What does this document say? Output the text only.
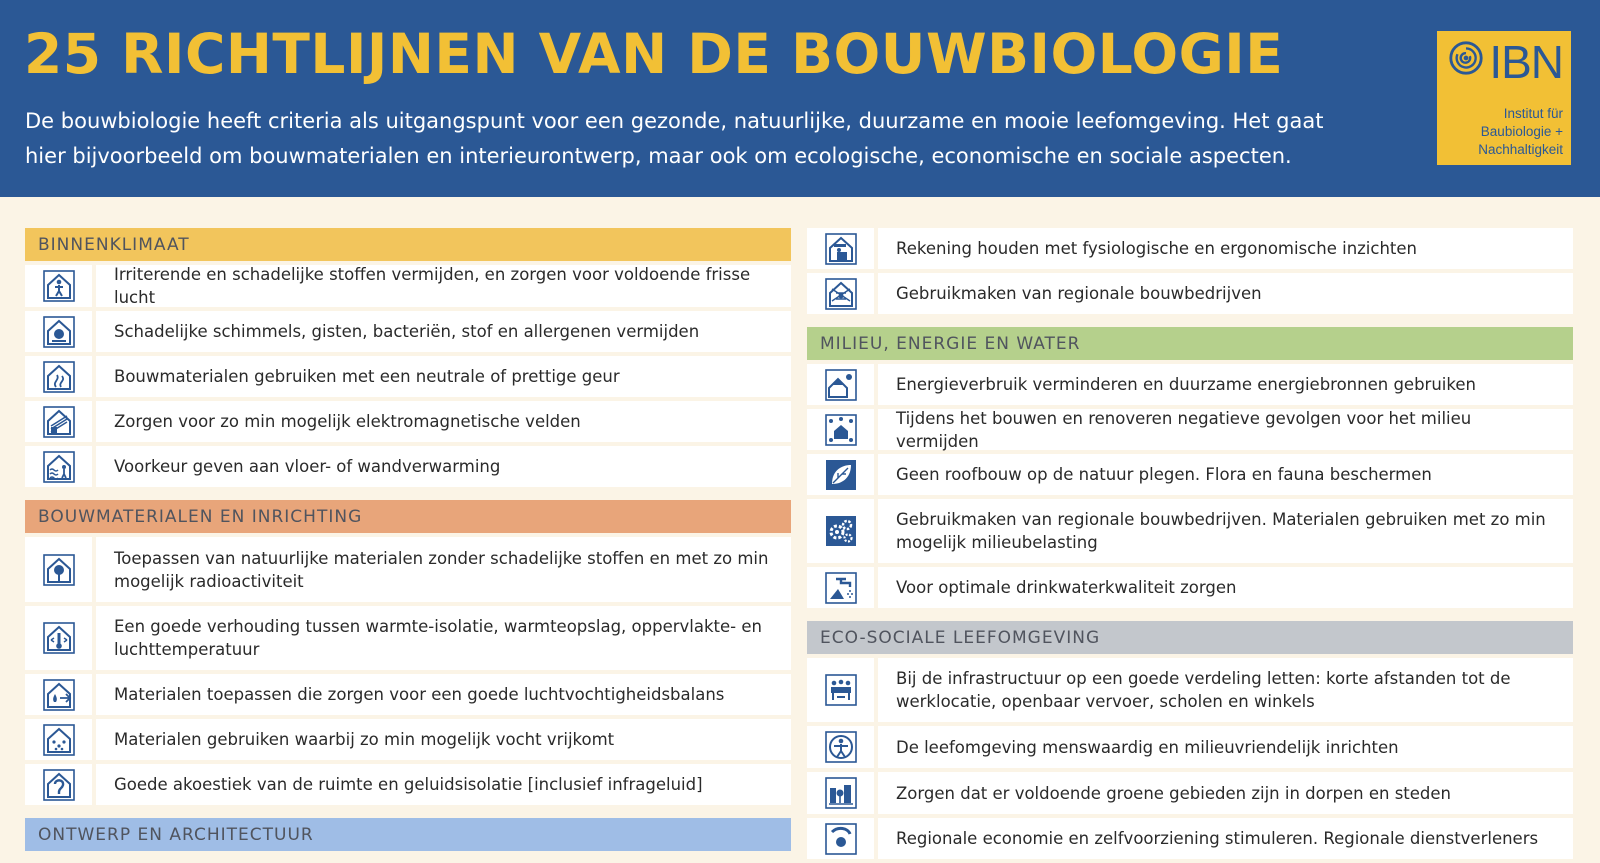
25 RICHTLIJNEN VAN DE BOUWBIOLOGIE
De bouwbiologie heeft criteria als uitgangspunt voor een gezonde, natuurlijke, duurzame en mooie leefomgeving. Het gaat
hier bijvoorbeeld om bouwmaterialen en interieurontwerp, maar ook om ecologische, economische en sociale aspecten.
IBN
Institut für
Baubiologie +
Nachhaltigkeit
BINNENKLIMAAT
Irriterende en schadelijke stoffen vermijden, en zorgen voor voldoende frisse lucht
Schadelijke schimmels, gisten, bacteriën, stof en allergenen vermijden
Bouwmaterialen gebruiken met een neutrale of prettige geur
Zorgen voor zo min mogelijk elektromagnetische velden
Voorkeur geven aan vloer- of wandverwarming
BOUWMATERIALEN EN INRICHTING
Toepassen van natuurlijke materialen zonder schadelijke stoffen en met zo min mogelijk radioactiviteit
Een goede verhouding tussen warmte-isolatie, warmteopslag, oppervlakte- en luchttemperatuur
Materialen toepassen die zorgen voor een goede luchtvochtigheidsbalans
Materialen gebruiken waarbij zo min mogelijk vocht vrijkomt
Goede akoestiek van de ruimte en geluidsisolatie [inclusief infrageluid]
ONTWERP EN ARCHITECTUUR
Rekening houden met fysiologische en ergonomische inzichten
Gebruikmaken van regionale bouwbedrijven
MILIEU, ENERGIE EN WATER
Energieverbruik verminderen en duurzame energiebronnen gebruiken
Tijdens het bouwen en renoveren negatieve gevolgen voor het milieu vermijden
Geen roofbouw op de natuur plegen. Flora en fauna beschermen
Gebruikmaken van regionale bouwbedrijven. Materialen gebruiken met zo min mogelijk milieubelasting
Voor optimale drinkwaterkwaliteit zorgen
ECO-SOCIALE LEEFOMGEVING
Bij de infrastructuur op een goede verdeling letten: korte afstanden tot de werklocatie, openbaar vervoer, scholen en winkels
De leefomgeving menswaardig en milieuvriendelijk inrichten
Zorgen dat er voldoende groene gebieden zijn in dorpen en steden
Regionale economie en zelfvoorziening stimuleren. Regionale dienstverleners
